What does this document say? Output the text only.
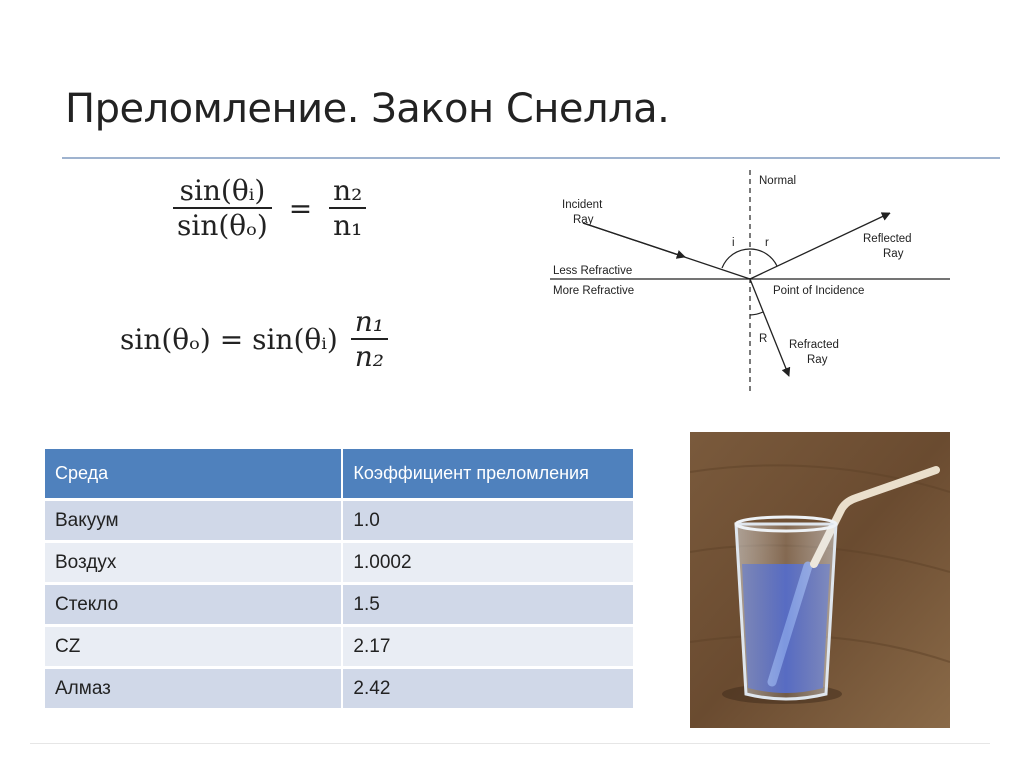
Преломление. Закон Снелла.
$\frac{\text{sin(θᵢ)}}{\text{sin(θₒ)}} = \frac{\text{n₂}}{\text{n₁}}$
sin(θₒ) = sin(θᵢ) $\frac{\text{n₁}}{\text{n₂}}$
Normal
Incident
Ray
Reflected
Ray
Less Refractive
More Refractive	Point of Incidence
i	r
R Refracted
Ray
Среда	Коэффициент преломления
Вакуум	1.0
Воздух	1.0002
Стекло	1.5
CZ	2.17
Алмаз	2.42
